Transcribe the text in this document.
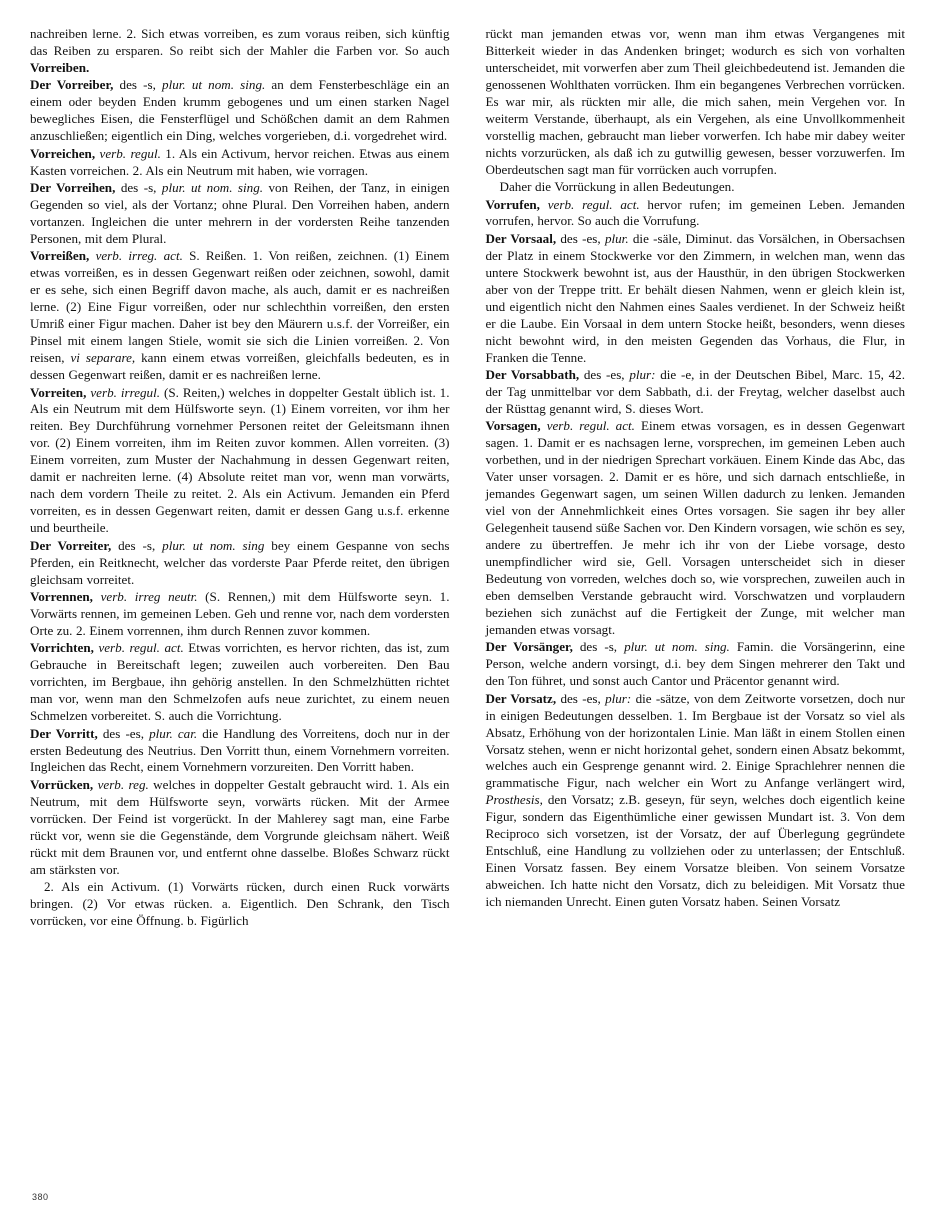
nachreiben lerne. 2. Sich etwas vorreiben, es zum voraus reiben, sich künftig das Reiben zu ersparen. So reibt sich der Mahler die Farben vor. So auch Vorreiben.

Der Vorreiber, des -s, plur. ut nom. sing. an dem Fensterbeschläge ein an einem oder beyden Enden krumm gebogenes und um einen starken Nagel bewegliches Eisen, die Fensterflügel und Schößchen damit an dem Rahmen anzuschließen; eigentlich ein Ding, welches vorgerieben, d.i. vorgedrehet wird.

Vorreichen, verb. regul. 1. Als ein Activum, hervor reichen. Etwas aus einem Kasten vorreichen. 2. Als ein Neutrum mit haben, wie vorragen.

Der Vorreihen, des -s, plur. ut nom. sing. von Reihen, der Tanz, in einigen Gegenden so viel, als der Vortanz; ohne Plural. Den Vorreihen haben, andern vortanzen. Ingleichen die unter mehrern in der vordersten Reihe tanzenden Personen, mit dem Plural.

Vorreißen, verb. irreg. act. S. Reißen. 1. Von reißen, zeichnen. (1) Einem etwas vorreißen, es in dessen Gegenwart reißen oder zeichnen, sowohl, damit er es sehe, sich einen Begriff davon mache, als auch, damit er es nachreißen lerne. (2) Eine Figur vorreißen, oder nur schlechthin vorreißen, den ersten Umriß einer Figur machen. Daher ist bey den Mäurern u.s.f. der Vorreißer, ein Pinsel mit einem langen Stiele, womit sie sich die Linien vorreißen. 2. Von reisen, vi separare, kann einem etwas vorreißen, gleichfalls bedeuten, es in dessen Gegenwart reißen, damit er es nachreißen lerne.

Vorreiten, verb. irregul. (S. Reiten,) welches in doppelter Gestalt üblich ist. 1. Als ein Neutrum mit dem Hülfsworte seyn. (1) Einem vorreiten, vor ihm her reiten. Bey Durchführung vornehmer Personen reitet der Geleitsmann ihnen vor. (2) Einem vorreiten, ihm im Reiten zuvor kommen. Allen vorreiten. (3) Einem vorreiten, zum Muster der Nachahmung in dessen Gegenwart reiten, damit er nachreiten lerne. (4) Absolute reitet man vor, wenn man vorwärts, nach dem vordern Theile zu reitet. 2. Als ein Activum. Jemanden ein Pferd vorreiten, es in dessen Gegenwart reiten, damit er dessen Gang u.s.f. erkenne und beurtheile.

Der Vorreiter, des -s, plur. ut nom. sing bey einem Gespanne von sechs Pferden, ein Reitknecht, welcher das vorderste Paar Pferde reitet, den übrigen gleichsam vorreitet.

Vorrennen, verb. irreg neutr. (S. Rennen,) mit dem Hülfsworte seyn. 1. Vorwärts rennen, im gemeinen Leben. Geh und renne vor, nach dem vordersten Orte zu. 2. Einem vorrennen, ihm durch Rennen zuvor kommen.

Vorrichten, verb. regul. act. Etwas vorrichten, es hervor richten, das ist, zum Gebrauche in Bereitschaft legen; zuweilen auch vorbereiten. Den Bau vorrichten, im Bergbaue, ihn gehörig anstellen. In den Schmelzhütten richtet man vor, wenn man den Schmelzofen aufs neue zurichtet, zu einem neuen Schmelzen vorbereitet. S. auch die Vorrichtung.

Der Vorritt, des -es, plur. car. die Handlung des Vorreitens, doch nur in der ersten Bedeutung des Neutrius. Den Vorritt thun, einem Vornehmern vorreiten. Ingleichen das Recht, einem Vornehmern vorzureiten. Den Vorritt haben.

Vorrücken, verb. reg. welches in doppelter Gestalt gebraucht wird. 1. Als ein Neutrum, mit dem Hülfsworte seyn, vorwärts rücken. Mit der Armee vorrücken. Der Feind ist vorgerückt. In der Mahlerey sagt man, eine Farbe rückt vor, wenn sie die Gegenstände, dem Vorgrunde gleichsam nähert. Weiß rückt mit dem Braunen vor, und entfernt ohne dasselbe. Bloßes Schwarz rückt am stärksten vor.

2. Als ein Activum. (1) Vorwärts rücken, durch einen Ruck vorwärts bringen. (2) Vor etwas rücken. a. Eigentlich. Den Schrank, den Tisch vorrücken, vor eine Öffnung. b. Figürlich

rückt man jemanden etwas vor, wenn man ihm etwas Vergangenes mit Bitterkeit wieder in das Andenken bringet; wodurch es sich von vorhalten unterscheidet, mit vorwerfen aber zum Theil gleichbedeutend ist. Jemanden die genossenen Wohlthaten vorrücken. Ihm ein begangenes Verbrechen vorrücken. Es war mir, als rückten mir alle, die mich sahen, mein Vergehen vor. In weiterm Verstande, überhaupt, als ein Vergehen, als eine Unvollkommenheit vorstellig machen, gebraucht man lieber vorwerfen. Ich habe mir dabey weiter nichts vorzurücken, als daß ich zu gutwillig gewesen, besser vorzuwerfen. Im Oberdeutschen sagt man für vorrücken auch vorrupfen.

Daher die Vorrückung in allen Bedeutungen.

Vorrufen, verb. regul. act. hervor rufen; im gemeinen Leben. Jemanden vorrufen, hervor. So auch die Vorrufung.

Der Vorsaal, des -es, plur. die -säle, Diminut. das Vorsälchen, in Obersachsen der Platz in einem Stockwerke vor den Zimmern, in welchen man, wenn das untere Stockwerk bewohnt ist, aus der Hausthür, in den übrigen Stockwerken aber von der Treppe tritt. Er behält diesen Nahmen, wenn er gleich klein ist, und eigentlich nicht den Nahmen eines Saales verdienet. In der Schweiz heißt er die Laube. Ein Vorsaal in dem untern Stocke heißt, besonders, wenn dieses nicht bewohnt wird, in den meisten Gegenden das Vorhaus, die Flur, in Franken die Tenne.

Der Vorsabbath, des -es, plur: die -e, in der Deutschen Bibel, Marc. 15, 42. der Tag unmittelbar vor dem Sabbath, d.i. der Freytag, welcher daselbst auch der Rüsttag genannt wird, S. dieses Wort.

Vorsagen, verb. regul. act. Einem etwas vorsagen, es in dessen Gegenwart sagen. 1. Damit er es nachsagen lerne, vorsprechen, im gemeinen Leben auch vorbethen, und in der niedrigen Sprechart vorkäuen. Einem Kinde das Abc, das Vater unser vorsagen. 2. Damit er es höre, und sich darnach entschließe, in jemandes Gegenwart sagen, um seinen Willen dadurch zu lenken. Jemanden viel von der Annehmlichkeit eines Ortes vorsagen. Sie sagen ihr bey aller Gelegenheit tausend süße Sachen vor. Den Kindern vorsagen, wie schön es sey, andere zu übertreffen. Je mehr ich ihr von der Liebe vorsage, desto unempfindlicher wird sie, Gell. Vorsagen unterscheidet sich in dieser Bedeutung von vorreden, welches doch so, wie vorsprechen, zuweilen auch in eben demselben Verstande gebraucht wird. Vorschwatzen und vorplaudern beziehen sich zunächst auf die Fertigkeit der Zunge, mit welcher man jemanden etwas vorsagt.

Der Vorsänger, des -s, plur. ut nom. sing. Famin. die Vorsängerinn, eine Person, welche andern vorsingt, d.i. bey dem Singen mehrerer den Takt und den Ton führet, und sonst auch Cantor und Präcentor genannt wird.

Der Vorsatz, des -es, plur: die -sätze, von dem Zeitworte vorsetzen, doch nur in einigen Bedeutungen desselben. 1. Im Bergbaue ist der Vorsatz so viel als Absatz, Erhöhung von der horizontalen Linie. Man läßt in einem Stollen einen Vorsatz stehen, wenn er nicht horizontal gehet, sondern einen Absatz bekommt, welches auch ein Gesprenge genannt wird. 2. Einige Sprachlehrer nennen die grammatische Figur, nach welcher ein Wort zu Anfange verlängert wird, Prosthesis, den Vorsatz; z.B. geseyn, für seyn, welches doch eigentlich keine Figur, sondern das Eigenthümliche einer gewissen Mundart ist. 3. Von dem Reciproco sich vorsetzen, ist der Vorsatz, der auf Überlegung gegründete Entschluß, eine Handlung zu vollziehen oder zu unterlassen; der Entschluß. Einen Vorsatz fassen. Bey einem Vorsatze bleiben. Von seinem Vorsatze abweichen. Ich hatte nicht den Vorsatz, dich zu beleidigen. Mit Vorsatz thue ich niemanden Unrecht. Einen guten Vorsatz haben. Seinen Vorsatz

380
